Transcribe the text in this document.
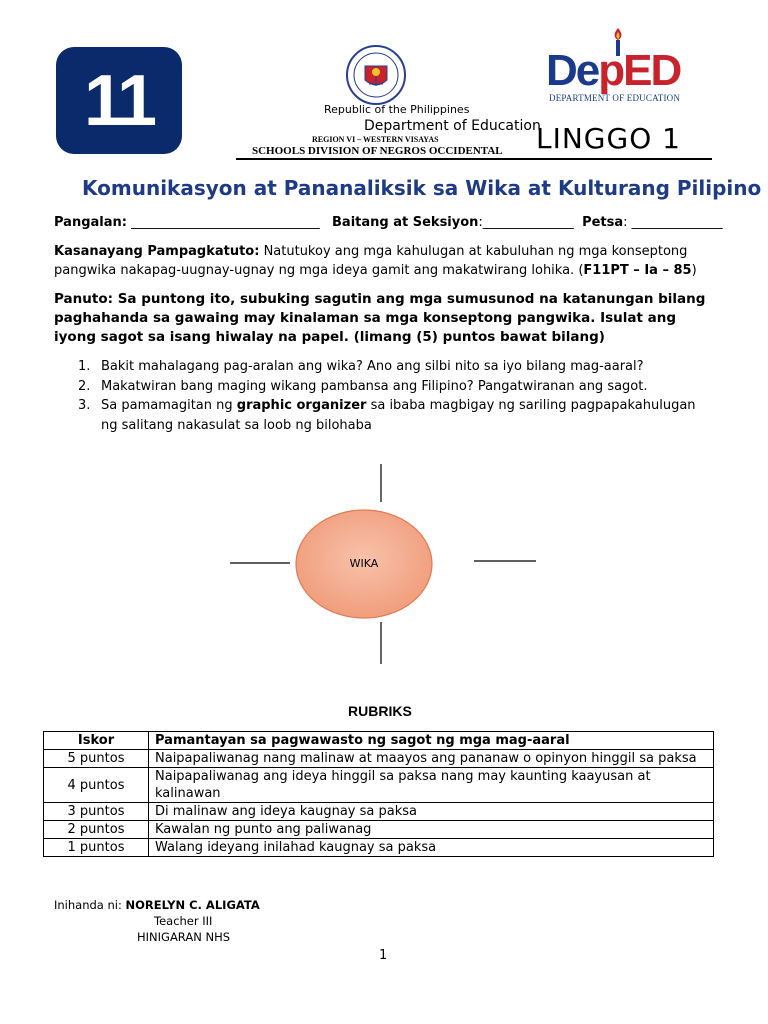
11	DepED
DEPARTMENT OF EDUCATION
Republic of the Philippines
Department of Education
REGION VI – WESTERN VISAYAS
SCHOOLS DIVISION OF NEGROS OCCIDENTAL LINGGO 1
Komunikasyon at Pananaliksik sa Wika at Kulturang Pilipino
Pangalan: _____________________________ Baitang at Seksiyon:______________ Petsa: ______________
Kasanayang Pampagkatuto: Natutukoy ang mga kahulugan at kabuluhan ng mga konseptong pangwika nakapag-uugnay-ugnay ng mga ideya gamit ang makatwirang lohika. (F11PT – Ia – 85)
Panuto: Sa puntong ito, subuking sagutin ang mga sumusunod na katanungan bilang paghahanda sa gawaing may kinalaman sa mga konseptong pangwika. Isulat ang iyong sagot sa isang hiwalay na papel. (limang (5) puntos bawat bilang)
1. Bakit mahalagang pag-aralan ang wika? Ano ang silbi nito sa iyo bilang mag-aaral?
2. Makatwiran bang maging wikang pambansa ang Filipino? Pangatwiranan ang sagot.
3. Sa pamamagitan ng graphic organizer sa ibaba magbigay ng sariling pagpapakahulugan ng salitang nakasulat sa loob ng bilohaba
WIKA
RUBRIKS
Iskor	Pamantayan sa pagwawasto ng sagot ng mga mag-aaral
5 puntos	Naipapaliwanag nang malinaw at maayos ang pananaw o opinyon hinggil sa paksa
4 puntos	Naipapaliwanag ang ideya hinggil sa paksa nang may kaunting kaayusan at kalinawan
3 puntos	Di malinaw ang ideya kaugnay sa paksa
2 puntos	Kawalan ng punto ang paliwanag
1 puntos	Walang ideyang inilahad kaugnay sa paksa
Inihanda ni: NORELYN C. ALIGATA
Teacher III
HINIGARAN NHS
1
